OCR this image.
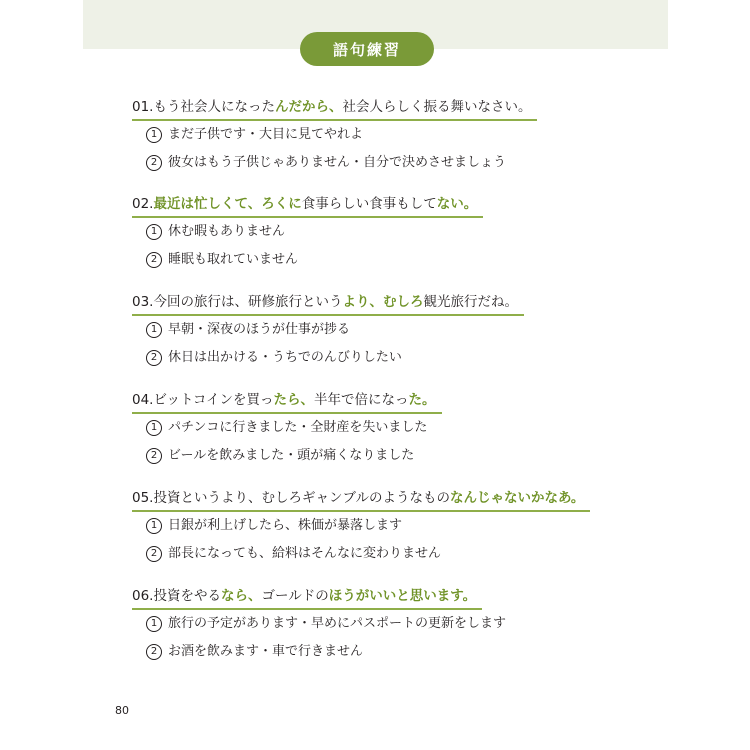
語句練習
01.もう社会人になったんだから、社会人らしく振る舞いなさい。
1 まだ子供です・大目に見てやれよ
2 彼女はもう子供じゃありません・自分で決めさせましょう
02.最近は忙しくて、ろくに食事らしい食事もしてない。
1 休む暇もありません
2 睡眠も取れていません
03.今回の旅行は、研修旅行というより、むしろ観光旅行だね。
1 早朝・深夜のほうが仕事が捗る
2 休日は出かける・うちでのんびりしたい
04.ビットコインを買ったら、半年で倍になった。
1 パチンコに行きました・全財産を失いました
2 ビールを飲みました・頭が痛くなりました
05.投資というより、むしろギャンブルのようなものなんじゃないかなあ。
1 日銀が利上げしたら、株価が暴落します
2 部長になっても、給料はそんなに変わりません
06.投資をやるなら、ゴールドのほうがいいと思います。
1 旅行の予定があります・早めにパスポートの更新をします
2 お酒を飲みます・車で行きません
80
